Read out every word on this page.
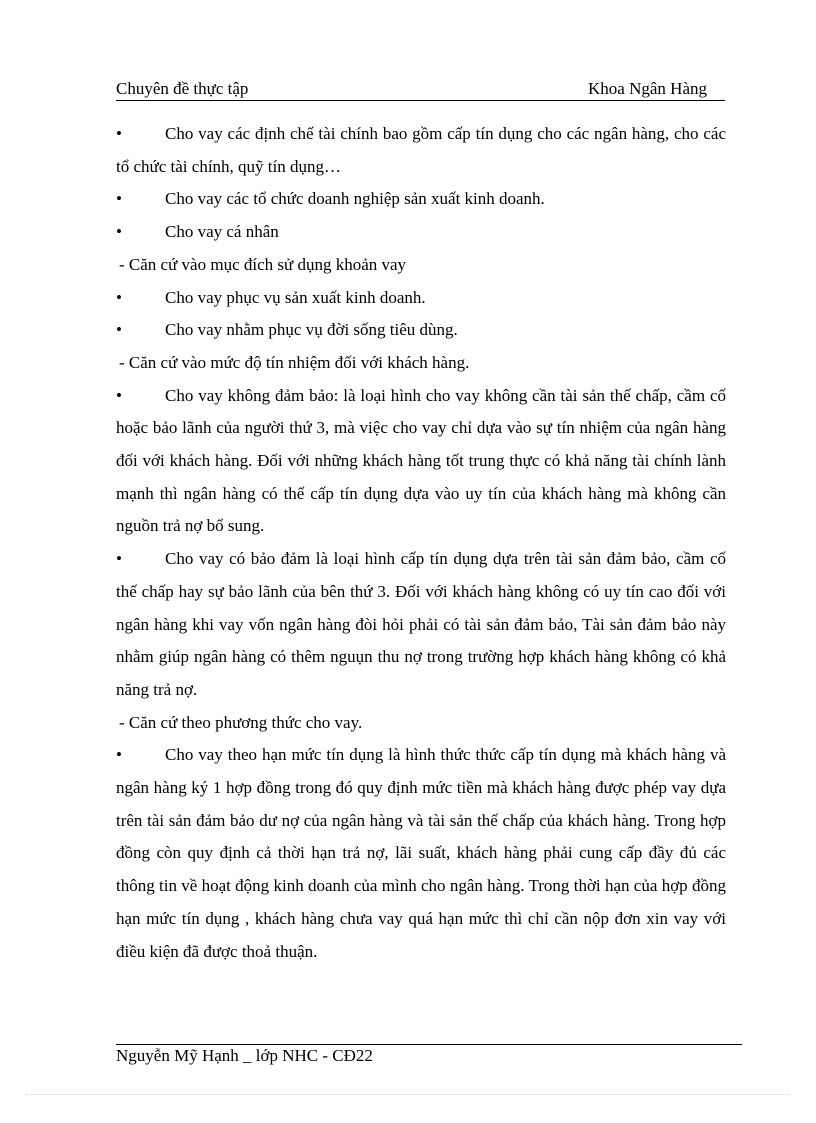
Chuyên đề thực tập	Khoa Ngân Hàng

•	Cho vay các định chế tài chính bao gồm cấp tín dụng cho các ngân hàng, cho các tổ chức tài chính, quỹ tín dụng…

•	Cho vay các tổ chức doanh nghiệp sản xuất kinh doanh.

•	Cho vay cá nhân

- Căn cứ vào mục đích sử dụng khoản vay

•	Cho vay phục vụ sản xuất kinh doanh.

•	Cho vay nhằm phục vụ đời sống tiêu dùng.

- Căn cứ vào mức độ tín nhiệm đối với khách hàng.

•	Cho vay không đảm bảo: là loại hình cho vay không cần tài sản thế chấp, cầm cố hoặc bảo lãnh của người thứ 3, mà việc cho vay chỉ dựa vào sự tín nhiệm của ngân hàng đối với khách hàng. Đối với những khách hàng tốt trung thực có khả năng tài chính lành mạnh thì ngân hàng có thể cấp tín dụng dựa vào uy tín của khách hàng mà không cần nguồn trả nợ bổ sung.

•	Cho vay có bảo đảm là loại hình cấp tín dụng dựa trên tài sản đảm bảo, cầm cố thế chấp hay sự bảo lãnh của bên thứ 3. Đối với khách hàng không có uy tín cao đối với ngân hàng khi vay vốn ngân hàng đòi hỏi phải có tài sản đảm bảo, Tài sản đảm bảo này nhằm giúp ngân hàng có thêm nguụn thu nợ trong trường hợp khách hàng không có khả năng trả nợ.

- Căn cứ theo phương thức cho vay.

•	Cho vay theo hạn mức tín dụng là hình thức thức cấp tín dụng mà khách hàng và ngân hàng ký 1 hợp đồng trong đó quy định mức tiền mà khách hàng được phép vay dựa trên tài sản đảm bảo dư nợ của ngân hàng và tài sản thế chấp của khách hàng. Trong hợp đồng còn quy định cả thời hạn trả nợ, lãi suất, khách hàng phải cung cấp đầy đủ các thông tin về hoạt động kinh doanh của mình cho ngân hàng. Trong thời hạn của hợp đồng hạn mức tín dụng , khách hàng chưa vay quá hạn mức thì chỉ cần nộp đơn xin vay với điều kiện đã được thoả thuận.

Nguyễn Mỹ Hạnh _ lớp NHC - CĐ22
